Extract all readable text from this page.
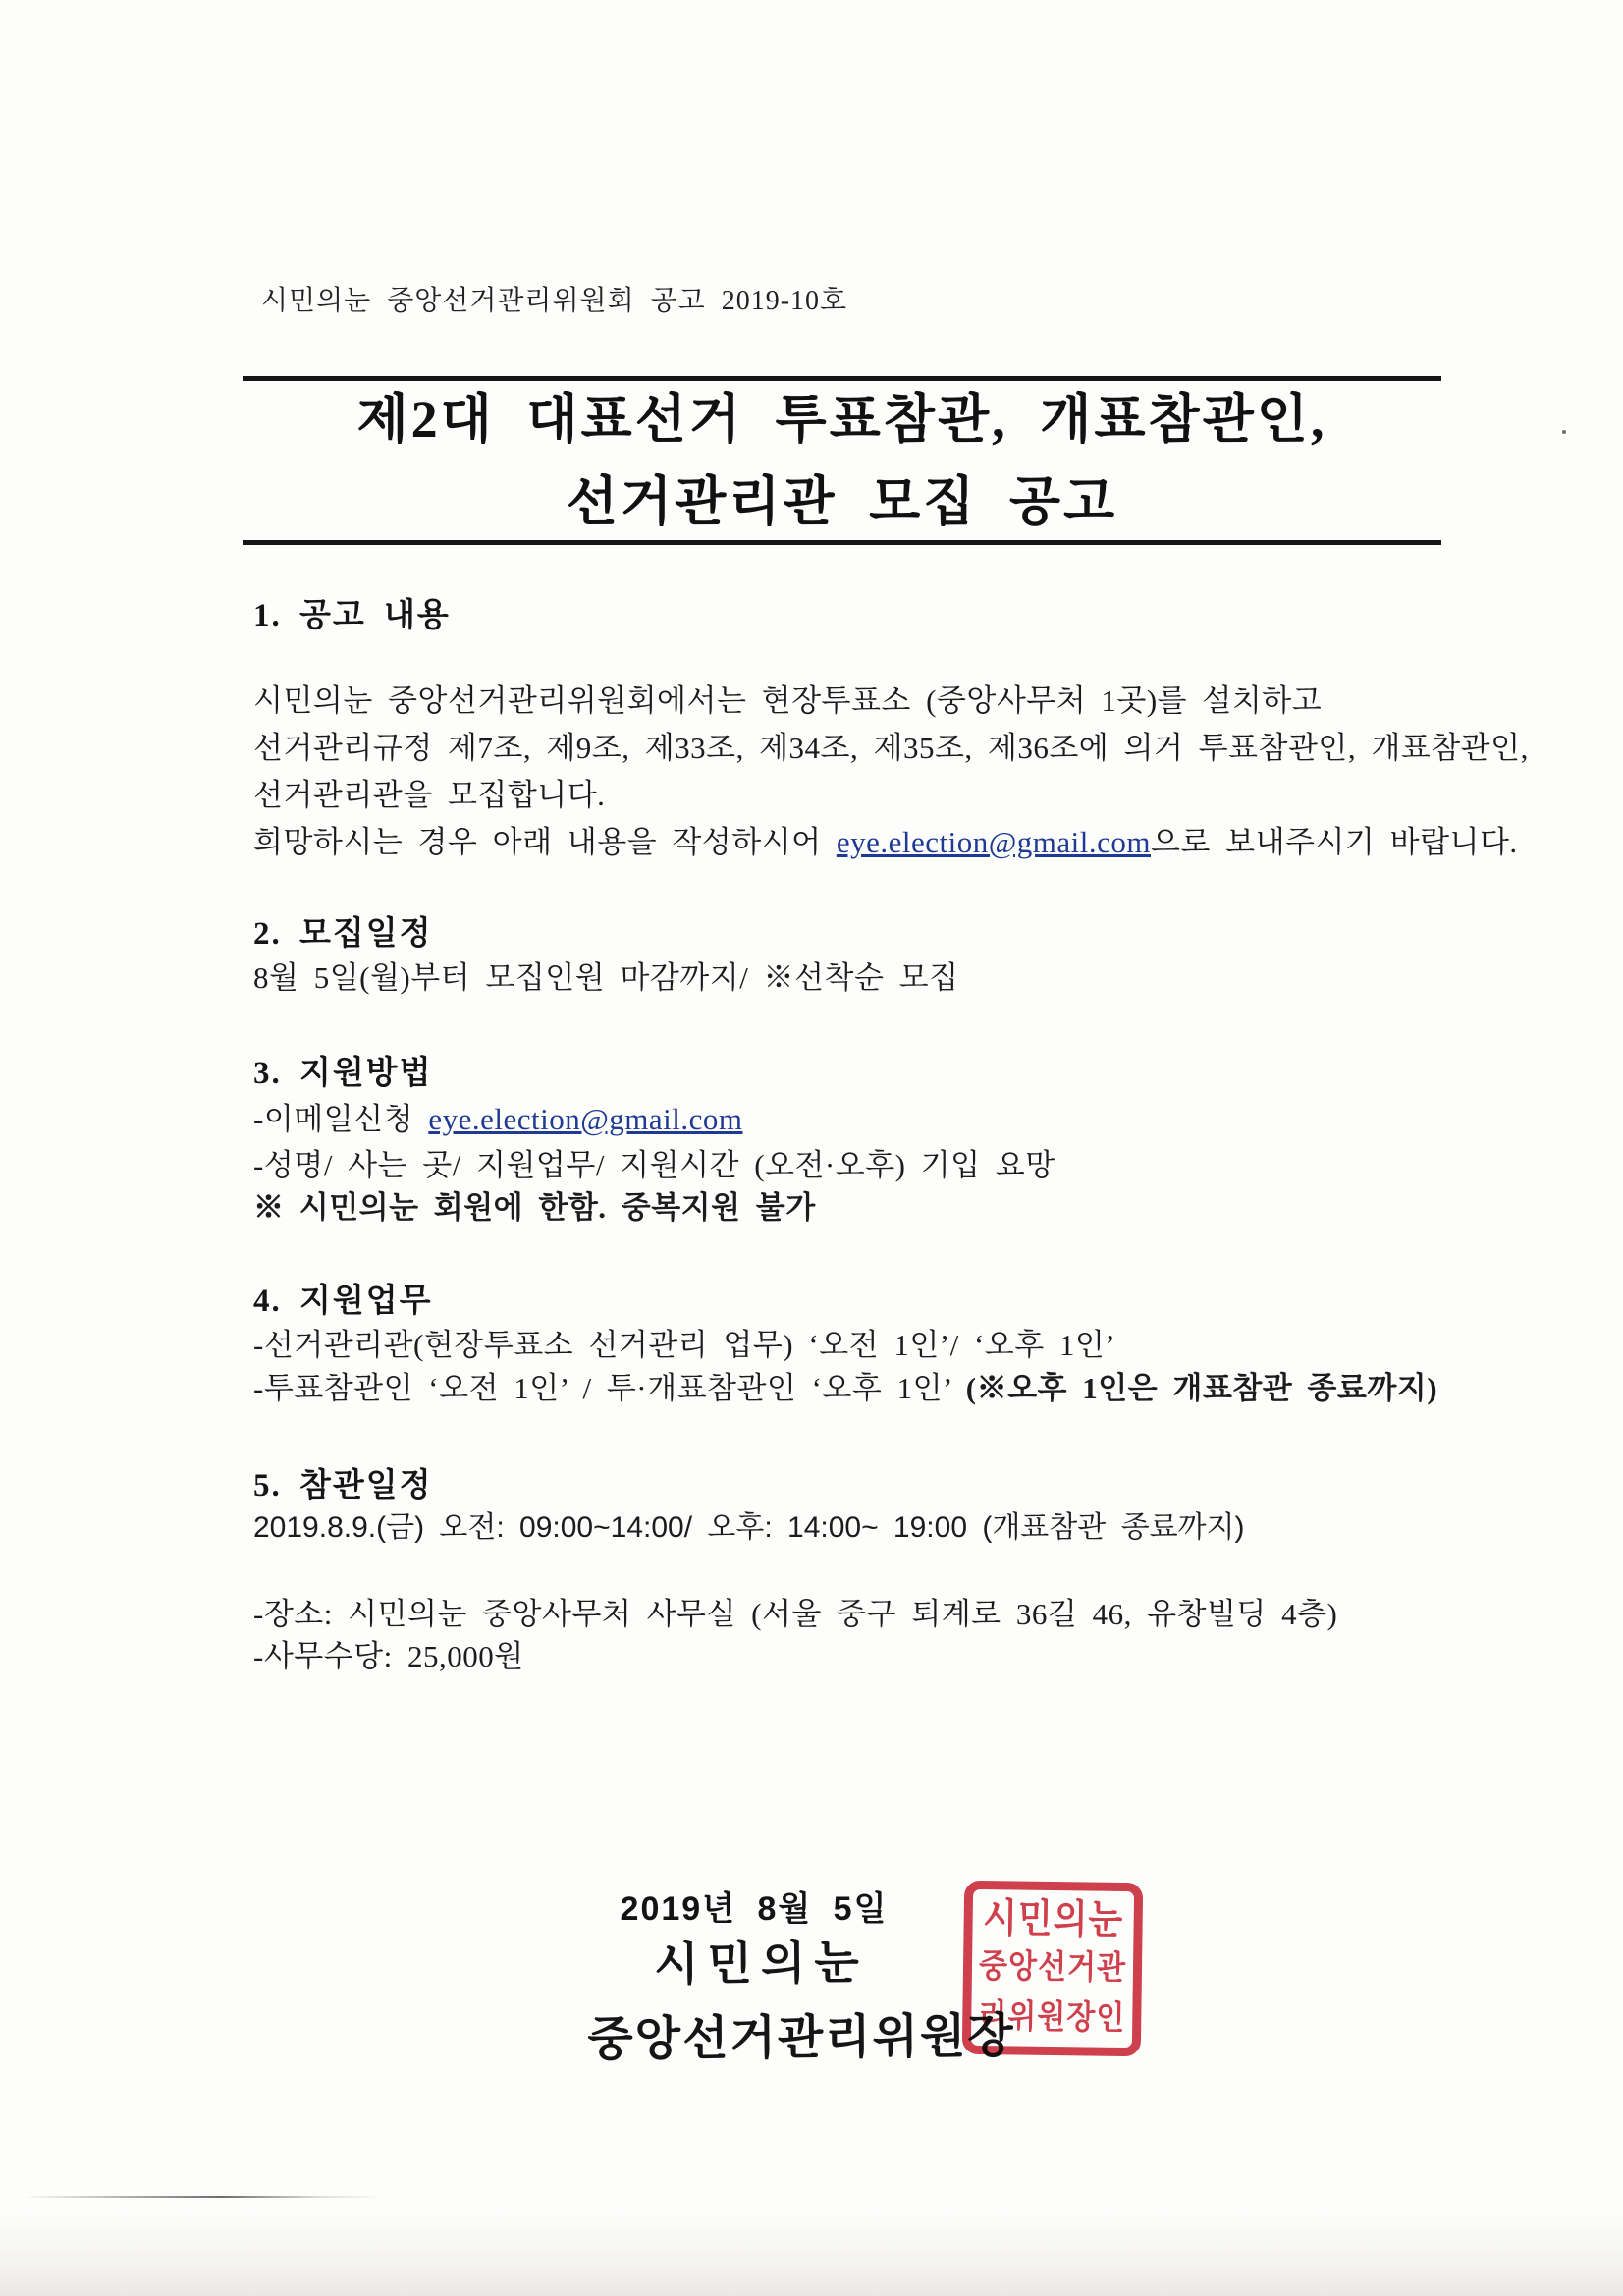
시민의눈 중앙선거관리위원회 공고 2019-10호
제2대 대표선거 투표참관, 개표참관인,
선거관리관 모집 공고
1. 공고 내용
시민의눈 중앙선거관리위원회에서는 현장투표소 (중앙사무처 1곳)를 설치하고
선거관리규정 제7조, 제9조, 제33조, 제34조, 제35조, 제36조에 의거 투표참관인, 개표참관인,
선거관리관을 모집합니다.
희망하시는 경우 아래 내용을 작성하시어 eye.election@gmail.com으로 보내주시기 바랍니다.
2. 모집일정
8월 5일(월)부터 모집인원 마감까지/ ※선착순 모집
3. 지원방법
-이메일신청 eye.election@gmail.com
-성명/ 사는 곳/ 지원업무/ 지원시간 (오전·오후) 기입 요망
※ 시민의눈 회원에 한함. 중복지원 불가
4. 지원업무
-선거관리관(현장투표소 선거관리 업무) ‘오전 1인’/ ‘오후 1인’
-투표참관인 ‘오전 1인’ / 투·개표참관인 ‘오후 1인’ (※오후 1인은 개표참관 종료까지)
5. 참관일정
2019.8.9.(금) 오전: 09:00~14:00/ 오후: 14:00~ 19:00 (개표참관 종료까지)
-장소: 시민의눈 중앙사무처 사무실 (서울 중구 퇴계로 36길 46, 유창빌딩 4층)
-사무수당: 25,000원
2019년 8월 5일
시민의눈
중앙선거관리위원장
시민의눈
중앙선거관
리위원장인
